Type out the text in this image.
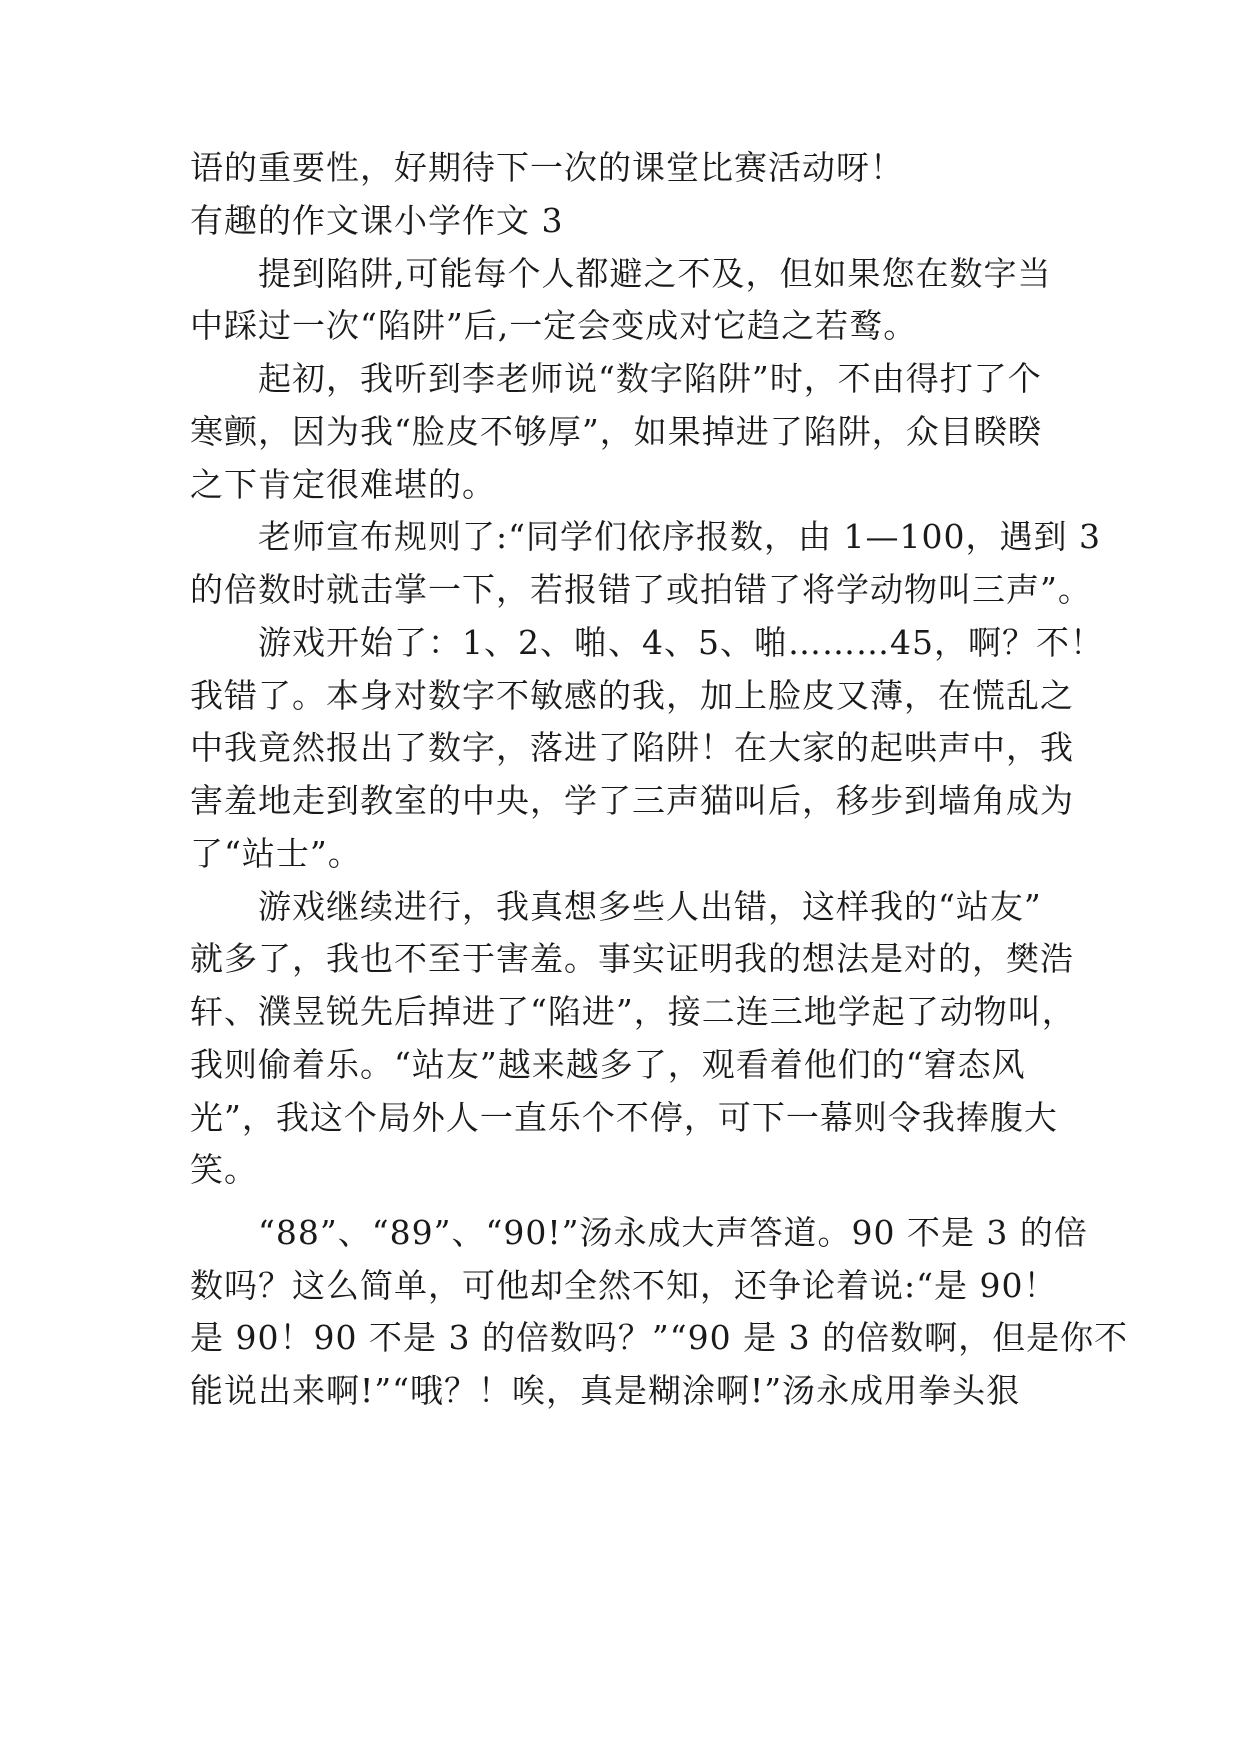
语的重要性，好期待下一次的课堂比赛活动呀！
有趣的作文课小学作文 3
　　提到陷阱,可能每个人都避之不及，但如果您在数字当
中踩过一次“陷阱”后,一定会变成对它趋之若鹜。
　　起初，我听到李老师说“数字陷阱”时，不由得打了个
寒颤，因为我“脸皮不够厚”，如果掉进了陷阱，众目睽睽
之下肯定很难堪的。
　　老师宣布规则了:“同学们依序报数，由 1—100，遇到 3
的倍数时就击掌一下，若报错了或拍错了将学动物叫三声”。
　　游戏开始了：1、2、啪、4、5、啪………45，啊？不！
我错了。本身对数字不敏感的我，加上脸皮又薄，在慌乱之
中我竟然报出了数字，落进了陷阱！在大家的起哄声中，我
害羞地走到教室的中央，学了三声猫叫后，移步到墙角成为
了“站士”。
　　游戏继续进行，我真想多些人出错，这样我的“站友”
就多了，我也不至于害羞。事实证明我的想法是对的，樊浩
轩、濮昱锐先后掉进了“陷进”，接二连三地学起了动物叫，
我则偷着乐。“站友”越来越多了，观看着他们的“窘态风
光”，我这个局外人一直乐个不停，可下一幕则令我捧腹大
笑。
　　“88”、“89”、“90!”汤永成大声答道。90 不是 3 的倍
数吗？这么简单，可他却全然不知，还争论着说:“是 90！
是 90！90 不是 3 的倍数吗？”“90 是 3 的倍数啊，但是你不
能说出来啊!”“哦？！唉，真是糊涂啊!”汤永成用拳头狠
